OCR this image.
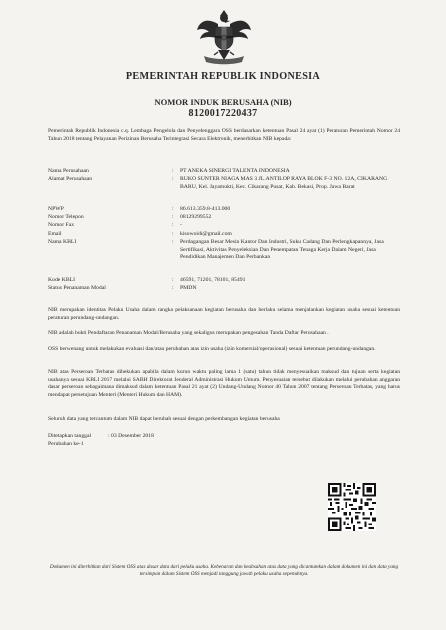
PEMERINTAH REPUBLIK INDONESIA
NOMOR INDUK BERUSAHA (NIB)
8120017220437
Pemerintah Republik Indonesia c.q. Lembaga Pengelola dan Penyelenggara OSS berdasarkan ketentuan Pasal 24 ayat (1) Peraturan Pemerintah Nomor 24 Tahun 2018 tentang Pelayanan Perizinan Berusaha Terintegrasi Secara Elektronik, menerbitkan NIB kepada:
Nama Perusahaan	: PT ANEKA SINERGI TALENTA INDONESIA
Alamat Perusahaan	: RUKO SUNTER NIAGA MAS 3 JL.ANTILOP RAYA BLOK F-3 NO. 12A, CIKARANG BARU, Kel. Jayamukti, Kec. Cikarang Pusat, Kab. Bekasi, Prop. Jawa Barat
NPWP	: 86.613.359.8-413.000
Nomor Telepon	: 08129299552
Nomor Fax	: -
Email	: kisowoidi@gmail.com
Nama KBLI	: Perdagangan Besar Mesin Kantor Dan Industri, Suku Cadang Dan Perlengkapannya, Jasa Sertifikasi, Aktivitas Penyeleksian Dan Penempatan Tenaga Kerja Dalam Negeri, Jasa Pendidikan Manajemen Dan Perbankan
Kode KBLI	: 46591, 71201, 78101, 85491
Status Penanaman Modal	: PMDN
NIB merupakan identitas Pelaku Usaha dalam rangka pelaksanaan kegiatan berusaha dan berlaku selama menjalankan kegiatan usaha sesuai ketentuan peraturan perundang-undangan.
NIB adalah bukti Pendaftaran Penanaman Modal/Berusaha yang sekaligus merupakan pengesahan Tanda Daftar Perusahaan .
OSS berwenang untuk melakukan evaluasi dan/atau perubahan atas izin usaha (izin komersial/operasional) sesuai ketentuan perundang-undangan.
NIB atas Perseroan Terbatas dibekukan apabila dalam kurun waktu paling lama 1 (satu) tahun tidak menyesuaikan maksud dan tujuan serta kegiatan usahanya sesuai KBLI 2017 melalui SABH Direktorat Jenderal Administrasi Hukum Umum. Penyesuaian tersebut dilakukan melalui perubahan anggaran dasar perseroan sebagaimana dimaksud dalam ketentuan Pasal 21 ayat (2) Undang-Undang Nomor 40 Tahun 2007 tentang Perseroan Terbatas, yang harus mendapat persetujuan Menteri (Menteri Hukum dan HAM).
Seluruh data yang tercantum dalam NIB dapat berubah sesuai dengan perkembangan kegiatan berusaha
Ditetapkan tanggal	: 03 Desember 2018
Perubahan ke-1
Dokumen ini diterbitkan dari Sistem OSS atas dasar data dari pelaku usaha. Kebenaran dan keabsahan atas data yang dicantumkan dalam dokumen ini dan data yang tersimpan dalam Sistem OSS menjadi tanggung jawab pelaku usaha sepenuhnya.
